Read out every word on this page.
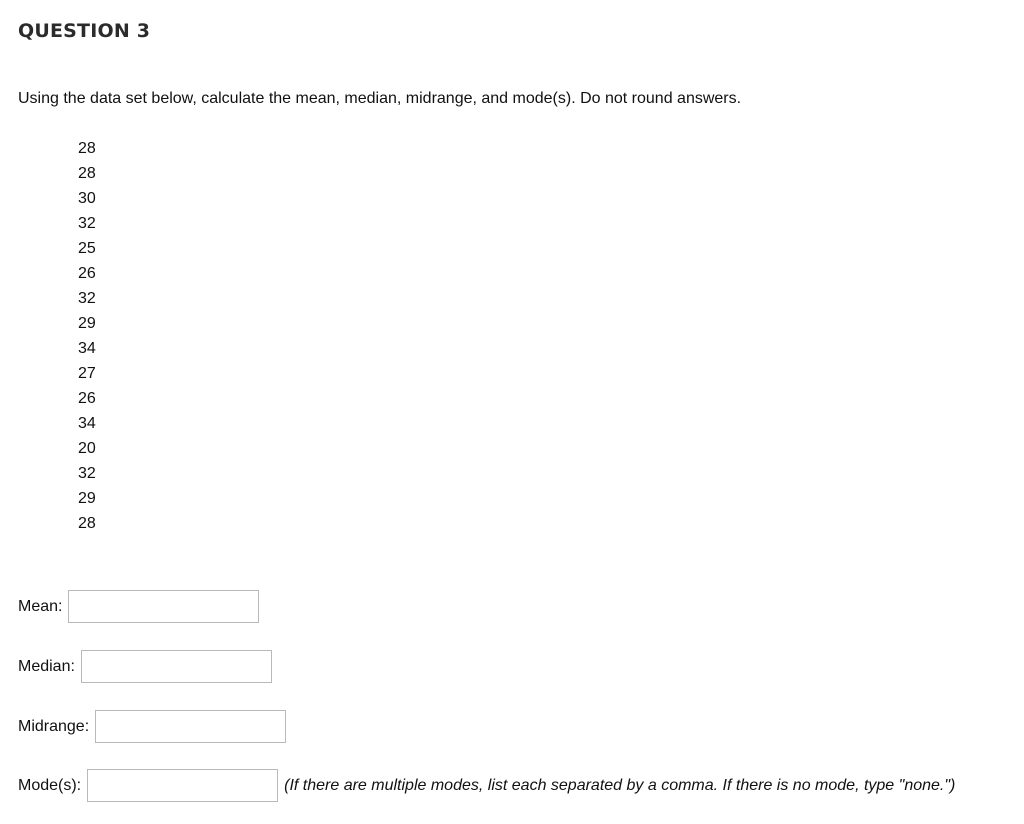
QUESTION 3
Using the data set below, calculate the mean, median, midrange, and mode(s). Do not round answers.
28
28
30
32
25
26
32
29
34
27
26
34
20
32
29
28
Mean:
Median:
Midrange:
Mode(s):	(If there are multiple modes, list each separated by a comma. If there is no mode, type "none.")
